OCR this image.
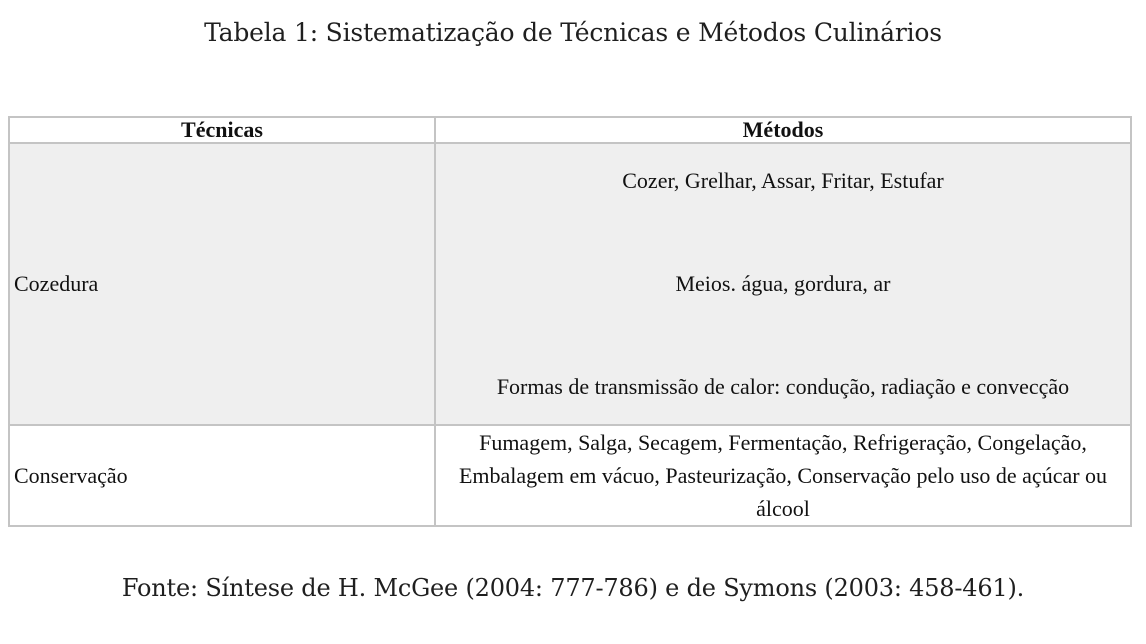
Tabela 1: Sistematização de Técnicas e Métodos Culinários
Técnicas	Métodos
Cozedura	Cozer, Grelhar, Assar, Fritar, Estufar
Meios. água, gordura, ar
Formas de transmissão de calor: condução, radiação e convecção

Conservação	Fumagem, Salga, Secagem, Fermentação, Refrigeração, Congelação, Embalagem em vácuo, Pasteurização, Conservação pelo uso de açúcar ou álcool
Fonte: Síntese de H. McGee (2004: 777-786) e de Symons (2003: 458-461).
